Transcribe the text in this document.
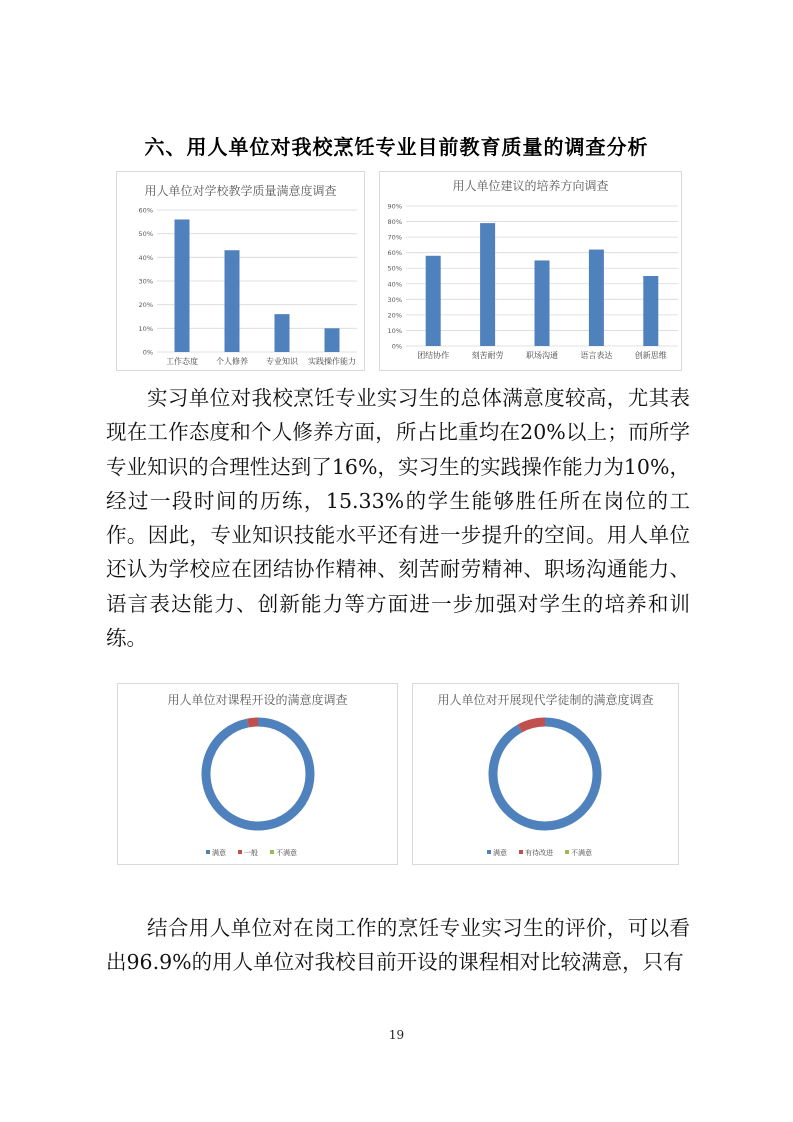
六、用人单位对我校烹饪专业目前教育质量的调查分析
用人单位对学校教学质量满意度调查
0%
10%
20%
30%
40%
50%
60%
工作态度 个人修养 专业知识 实践操作能力
用人单位建议的培养方向调查
0%
10%
20%
30%
40%
50%
60%
70%
80%
90%
团结协作	刻苦耐劳	职场沟通	语言表达	创新思维

实习单位对我校烹饪专业实习生的总体满意度较高，尤其表现在工作态度和个人修养方面，所占比重均在20%以上；而所学专业知识的合理性达到了16%，实习生的实践操作能力为10%，经过一段时间的历练，15.33%的学生能够胜任所在岗位的工作。因此，专业知识技能水平还有进一步提升的空间。用人单位还认为学校应在团结协作精神、刻苦耐劳精神、职场沟通能力、语言表达能力、创新能力等方面进一步加强对学生的培养和训练。

用人单位对课程开设的满意度调查
满意	一般	不满意
用人单位对开展现代学徒制的满意度调查
满意	有待改进	不满意

结合用人单位对在岗工作的烹饪专业实习生的评价，可以看出96.9%的用人单位对我校目前开设的课程相对比较满意，只有

19
